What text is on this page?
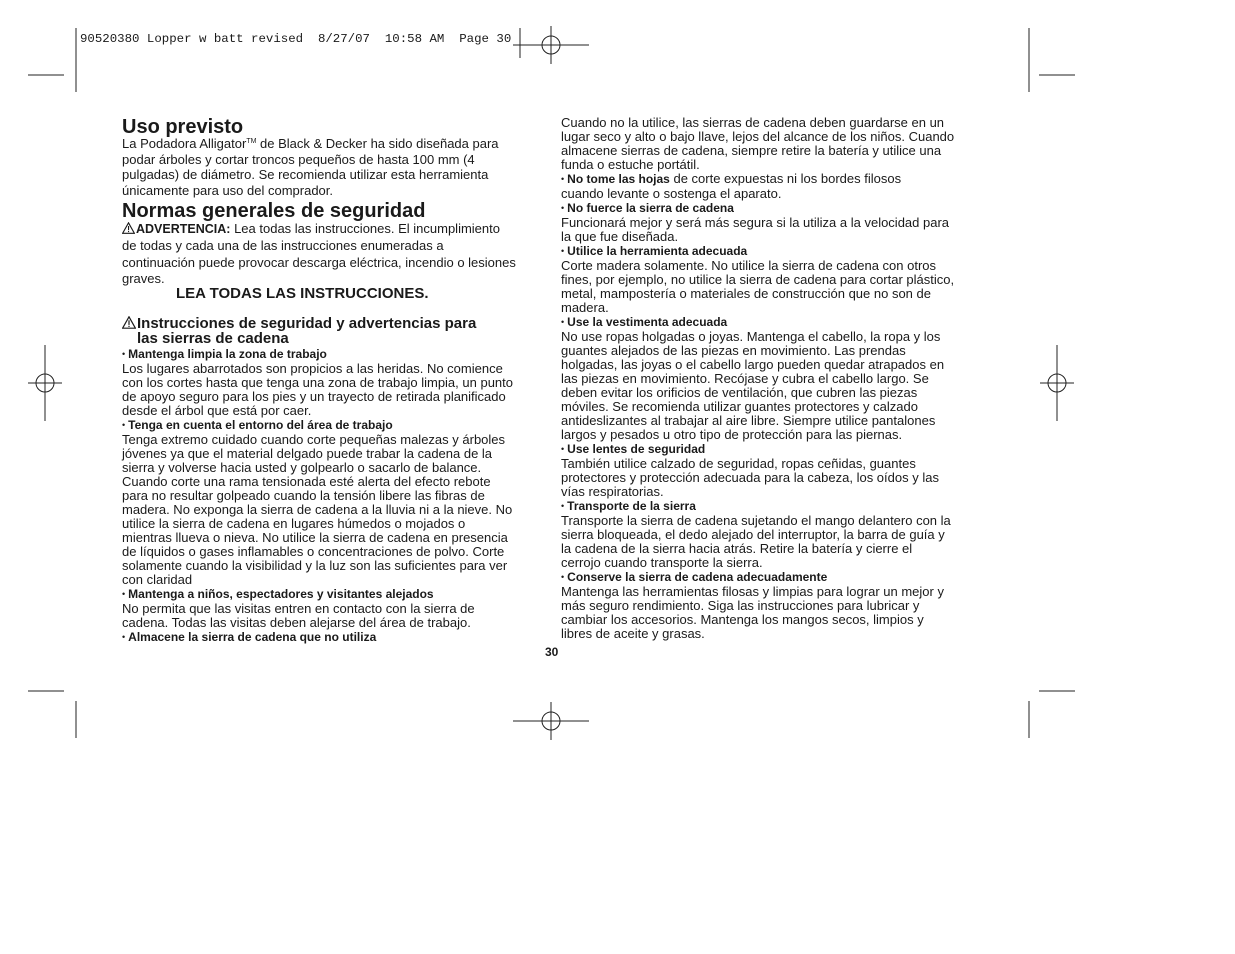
90520380 Lopper w batt revised  8/27/07  10:58 AM  Page 30
Uso previsto
La Podadora Alligator™ de Black & Decker ha sido diseñada para
podar árboles y cortar troncos pequeños de hasta 100 mm (4
pulgadas) de diámetro. Se recomienda utilizar esta herramienta
únicamente para uso del comprador.
Normas generales de seguridad
ADVERTENCIA: Lea todas las instrucciones. El incumplimiento
de todas y cada una de las instrucciones enumeradas a
continuación puede provocar descarga eléctrica, incendio o lesiones
graves.
LEA TODAS LAS INSTRUCCIONES.
Instrucciones de seguridad y advertencias para
las sierras de cadena
• Mantenga limpia la zona de trabajo
Los lugares abarrotados son propicios a las heridas. No comience
con los cortes hasta que tenga una zona de trabajo limpia, un punto
de apoyo seguro para los pies y un trayecto de retirada planificado
desde el árbol que está por caer.
• Tenga en cuenta el entorno del área de trabajo
Tenga extremo cuidado cuando corte pequeñas malezas y árboles
jóvenes ya que el material delgado puede trabar la cadena de la
sierra y volverse hacia usted y golpearlo o sacarlo de balance.
Cuando corte una rama tensionada esté alerta del efecto rebote
para no resultar golpeado cuando la tensión libere las fibras de
madera. No exponga la sierra de cadena a la lluvia ni a la nieve. No
utilice la sierra de cadena en lugares húmedos o mojados o
mientras llueva o nieva. No utilice la sierra de cadena en presencia
de líquidos o gases inflamables o concentraciones de polvo. Corte
solamente cuando la visibilidad y la luz son las suficientes para ver
con claridad
• Mantenga a niños, espectadores y visitantes alejados
No permita que las visitas entren en contacto con la sierra de
cadena. Todas las visitas deben alejarse del área de trabajo.
• Almacene la sierra de cadena que no utiliza
Cuando no la utilice, las sierras de cadena deben guardarse en un
lugar seco y alto o bajo llave, lejos del alcance de los niños. Cuando
almacene sierras de cadena, siempre retire la batería y utilice una
funda o estuche portátil.
• No tome las hojas de corte expuestas ni los bordes filosos
cuando levante o sostenga el aparato.
• No fuerce la sierra de cadena
Funcionará mejor y será más segura si la utiliza a la velocidad para
la que fue diseñada.
• Utilice la herramienta adecuada
Corte madera solamente. No utilice la sierra de cadena con otros
fines, por ejemplo, no utilice la sierra de cadena para cortar plástico,
metal, mampostería o materiales de construcción que no son de
madera.
• Use la vestimenta adecuada
No use ropas holgadas o joyas. Mantenga el cabello, la ropa y los
guantes alejados de las piezas en movimiento. Las prendas
holgadas, las joyas o el cabello largo pueden quedar atrapados en
las piezas en movimiento. Recójase y cubra el cabello largo. Se
deben evitar los orificios de ventilación, que cubren las piezas
móviles. Se recomienda utilizar guantes protectores y calzado
antideslizantes al trabajar al aire libre. Siempre utilice pantalones
largos y pesados u otro tipo de protección para las piernas.
• Use lentes de seguridad
También utilice calzado de seguridad, ropas ceñidas, guantes
protectores y protección adecuada para la cabeza, los oídos y las
vías respiratorias.
• Transporte de la sierra
Transporte la sierra de cadena sujetando el mango delantero con la
sierra bloqueada, el dedo alejado del interruptor, la barra de guía y
la cadena de la sierra hacia atrás. Retire la batería y cierre el
cerrojo cuando transporte la sierra.
• Conserve la sierra de cadena adecuadamente
Mantenga las herramientas filosas y limpias para lograr un mejor y
más seguro rendimiento. Siga las instrucciones para lubricar y
cambiar los accesorios. Mantenga los mangos secos, limpios y
libres de aceite y grasas.
30
